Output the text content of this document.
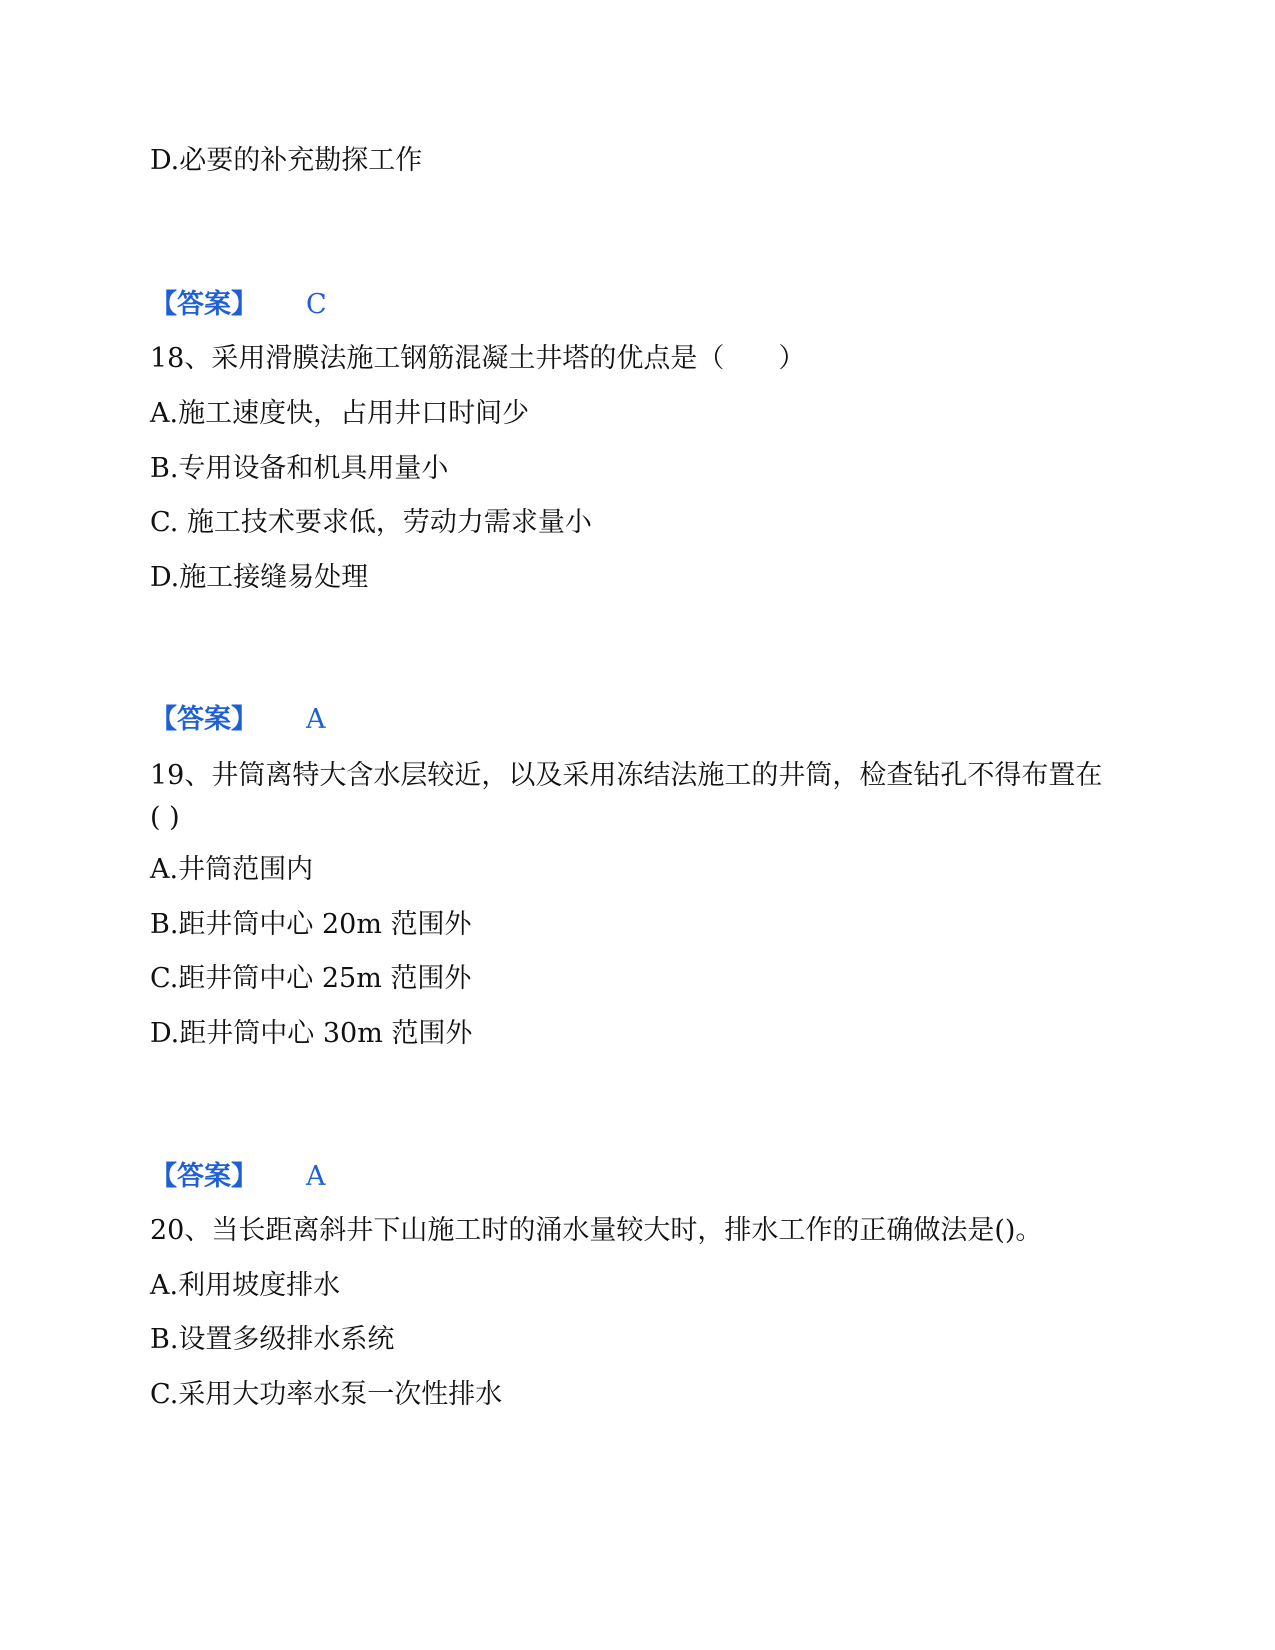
D.必要的补充勘探工作
【答案】 C
18、采用滑膜法施工钢筋混凝土井塔的优点是（　　）
A.施工速度快，占用井口时间少
B.专用设备和机具用量小
C. 施工技术要求低，劳动力需求量小
D.施工接缝易处理
【答案】 A
19、井筒离特大含水层较近，以及采用冻结法施工的井筒，检查钻孔不得布置在( )
A.井筒范围内
B.距井筒中心 20m 范围外
C.距井筒中心 25m 范围外
D.距井筒中心 30m 范围外
【答案】 A
20、当长距离斜井下山施工时的涌水量较大时，排水工作的正确做法是()。
A.利用坡度排水
B.设置多级排水系统
C.采用大功率水泵一次性排水
